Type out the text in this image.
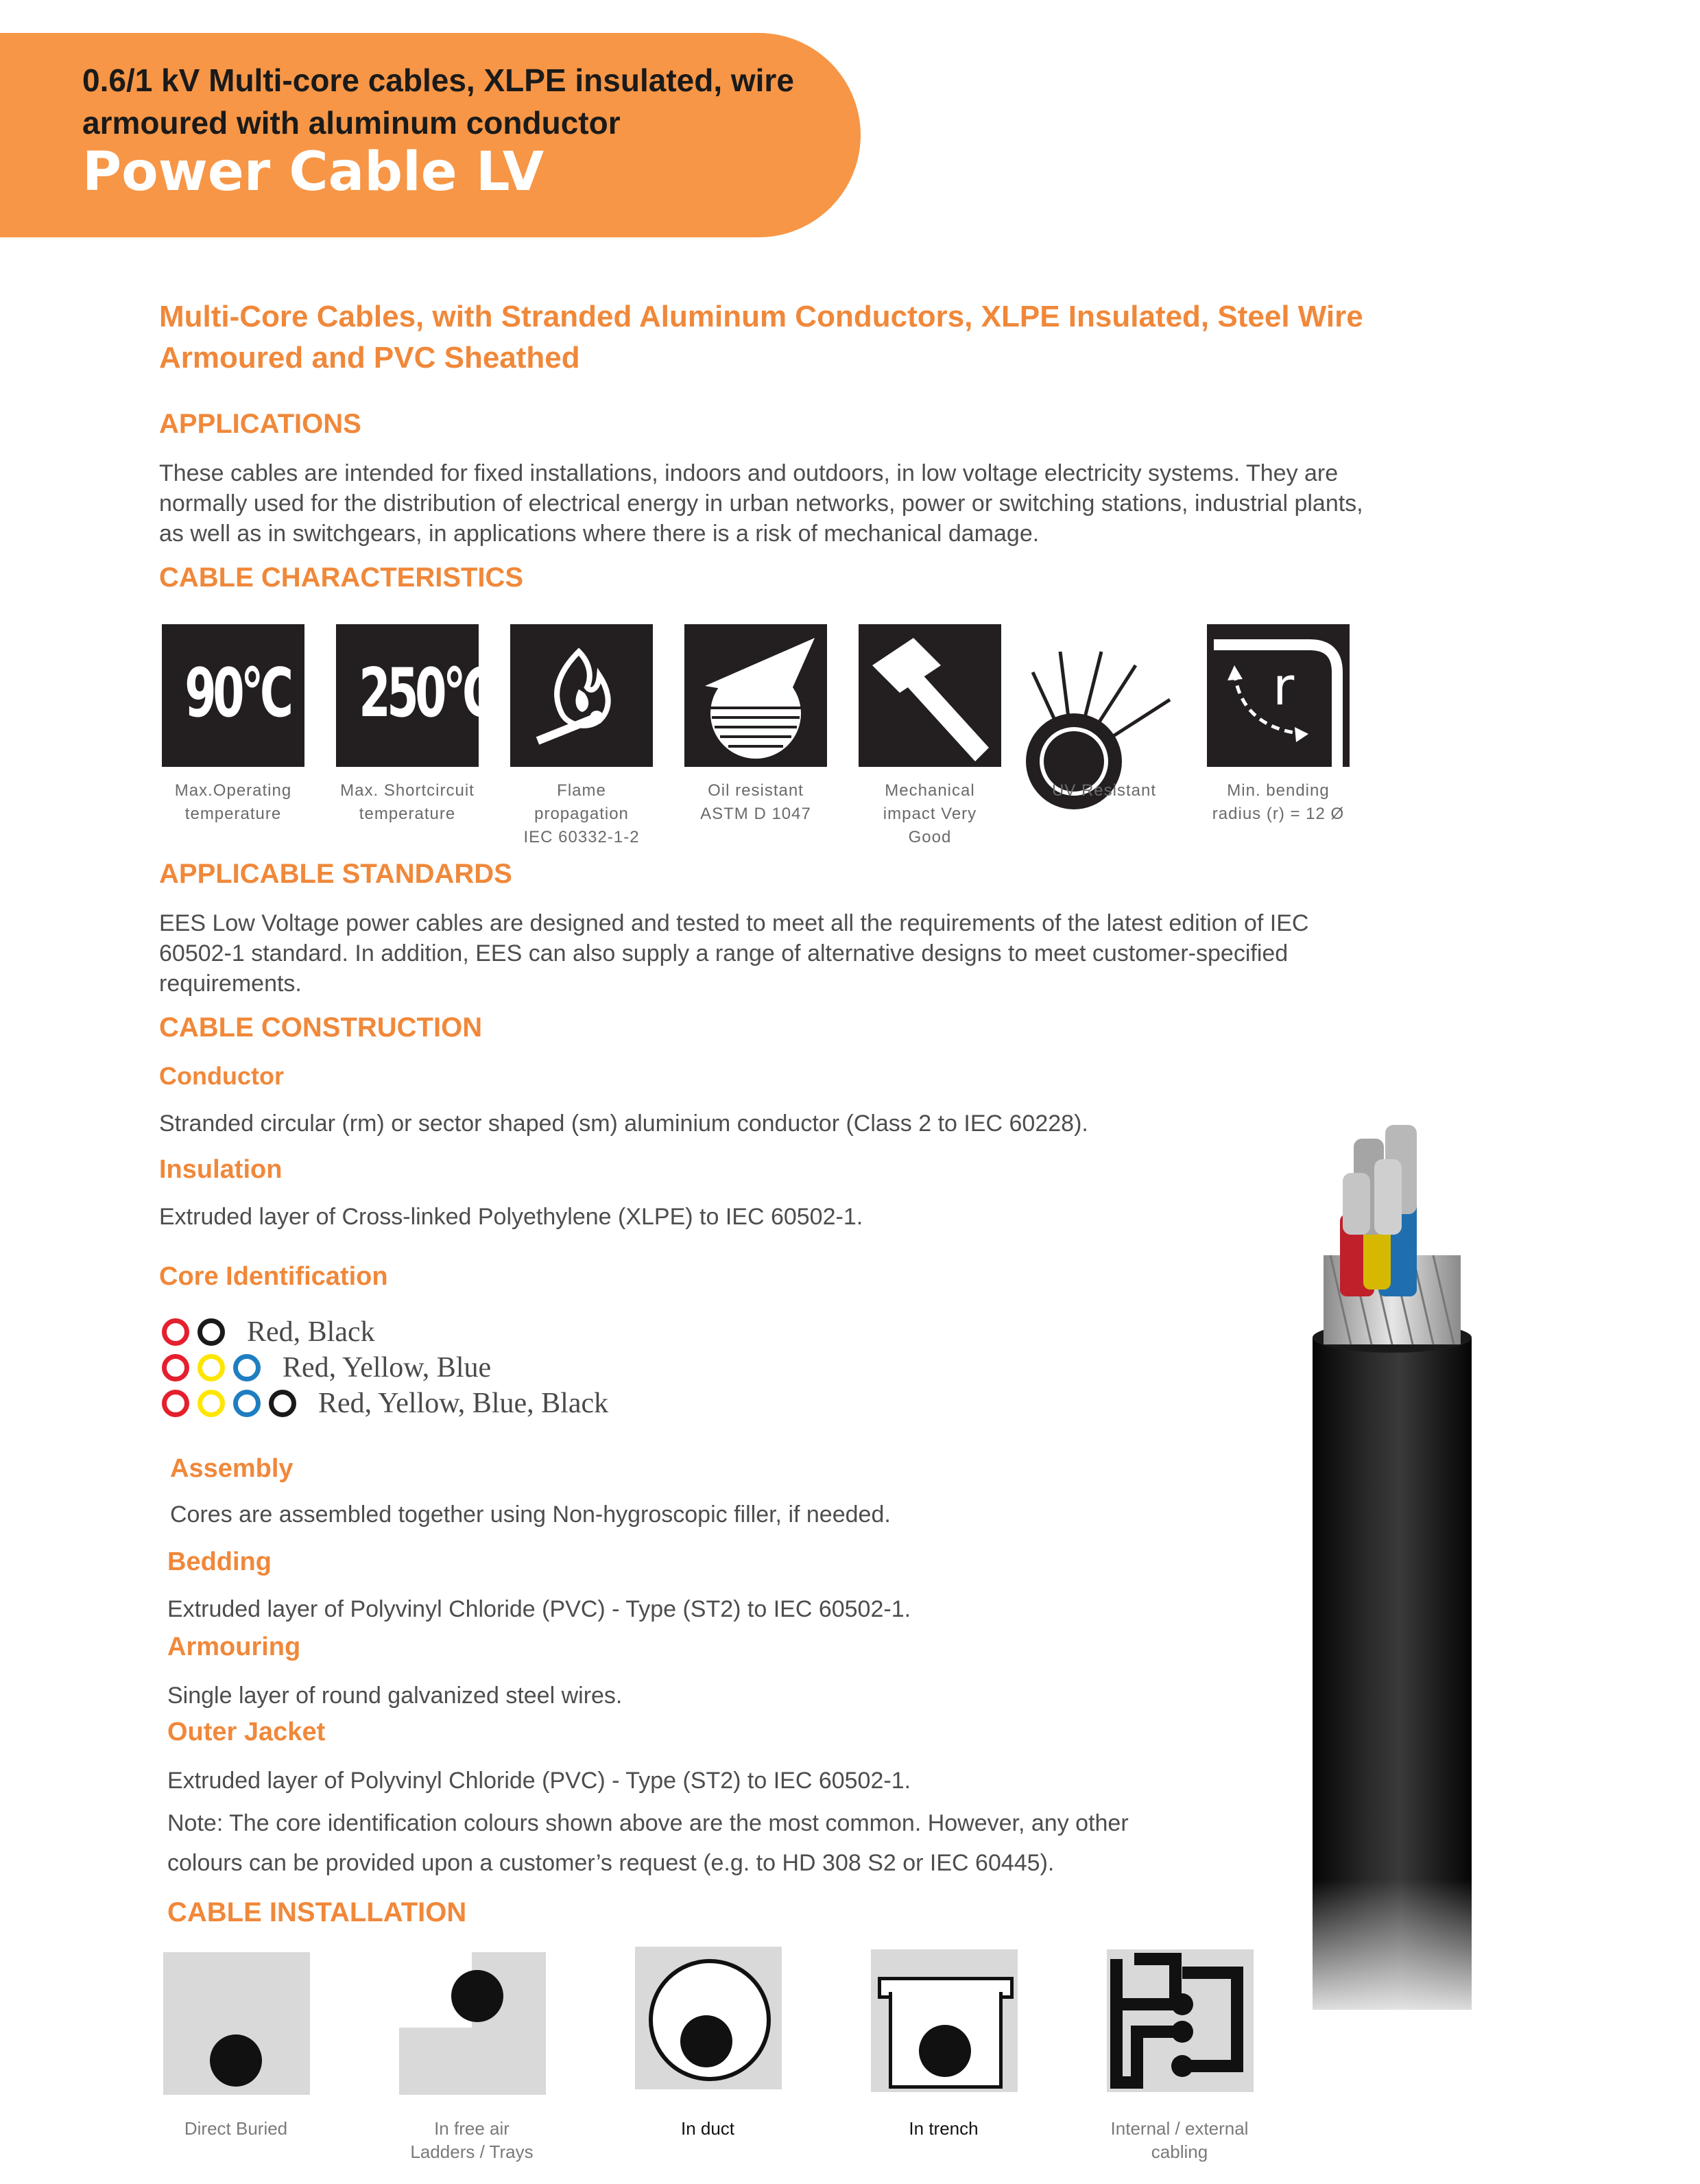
0.6/1 kV Multi-core cables, XLPE insulated, wire
armoured with aluminum conductor
Power Cable LV
Multi-Core Cables, with Stranded Aluminum Conductors, XLPE Insulated, Steel Wire
Armoured and PVC Sheathed
APPLICATIONS
These cables are intended for fixed installations, indoors and outdoors, in low voltage electricity systems. They are
normally used for the distribution of electrical energy in urban networks, power or switching stations, industrial plants,
as well as in switchgears, in applications where there is a risk of mechanical damage.
CABLE CHARACTERISTICS
90°C 250°C	r
Max.Operating
temperature
Max. Shortcircuit
temperature
Flame
propagation
IEC 60332-1-2
Oil resistant
ASTM D 1047
Mechanical
impact Very
Good
UV Resistant	Min. bending
radius (r) = 12 Ø
APPLICABLE STANDARDS
EES Low Voltage power cables are designed and tested to meet all the requirements of the latest edition of IEC
60502-1 standard. In addition, EES can also supply a range of alternative designs to meet customer-specified
requirements.
CABLE CONSTRUCTION
Conductor
Stranded circular (rm) or sector shaped (sm) aluminium conductor (Class 2 to IEC 60228).
Insulation
Extruded layer of Cross-linked Polyethylene (XLPE) to IEC 60502-1.
Core Identification
Red, Black
Red, Yellow, Blue
Red, Yellow, Blue, Black
Assembly
Cores are assembled together using Non-hygroscopic filler, if needed.
Bedding
Extruded layer of Polyvinyl Chloride (PVC) - Type (ST2) to IEC 60502-1.
Armouring
Single layer of round galvanized steel wires.
Outer Jacket
Extruded layer of Polyvinyl Chloride (PVC) - Type (ST2) to IEC 60502-1.
Note: The core identification colours shown above are the most common. However, any other
colours can be provided upon a customer’s request (e.g. to HD 308 S2 or IEC 60445).
CABLE INSTALLATION
Direct Buried	In free air
Ladders / Trays
In duct	In trench	Internal / external
cabling
